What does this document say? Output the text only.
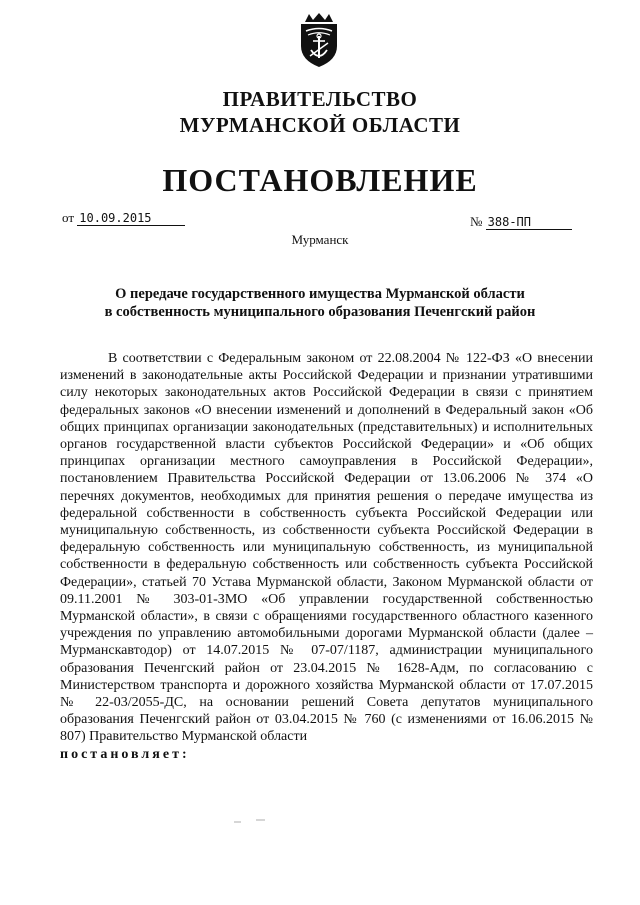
ПРАВИТЕЛЬСТВО
МУРМАНСКОЙ ОБЛАСТИ
ПОСТАНОВЛЕНИЕ
от 10.09.2015	№ 388-ПП
Мурманск
О передаче государственного имущества Мурманской области
в собственность муниципального образования Печенгский район
В соответствии с Федеральным законом от 22.08.2004 № 122-ФЗ «О внесении изменений в законодательные акты Российской Федерации и признании утратившими силу некоторых законодательных актов Российской Федерации в связи с принятием федеральных законов «О внесении изменений и дополнений в Федеральный закон «Об общих принципах организации законодательных (представительных) и исполнительных органов государственной власти субъектов Российской Федерации» и «Об общих принципах организации местного самоуправления в Российской Федерации», постановлением Правительства Российской Федерации от 13.06.2006 № 374 «О перечнях документов, необходимых для принятия решения о передаче имущества из федеральной собственности в собственность субъекта Российской Федерации или муниципальную собственность, из собственности субъекта Российской Федерации в федеральную собственность или муниципальную собственность, из муниципальной собственности в федеральную собственность или собственность субъекта Российской Федерации», статьей 70 Устава Мурманской области, Законом Мурманской области от 09.11.2001 № 303-01-ЗМО «Об управлении государственной собственностью Мурманской области», в связи с обращениями государственного областного казенного учреждения по управлению автомобильными дорогами Мурманской области (далее – Мурманскавтодор) от 14.07.2015 № 07-07/1187, администрации муниципального образования Печенгский район от 23.04.2015 № 1628-Адм, по согласованию с Министерством транспорта и дорожного хозяйства Мурманской области от 17.07.2015 № 22-03/2055-ДС, на основании решений Совета депутатов муниципального образования Печенгский район от 03.04.2015 № 760 (с изменениями от 16.06.2015 № 807) Правительство Мурманской области
постановляет:
